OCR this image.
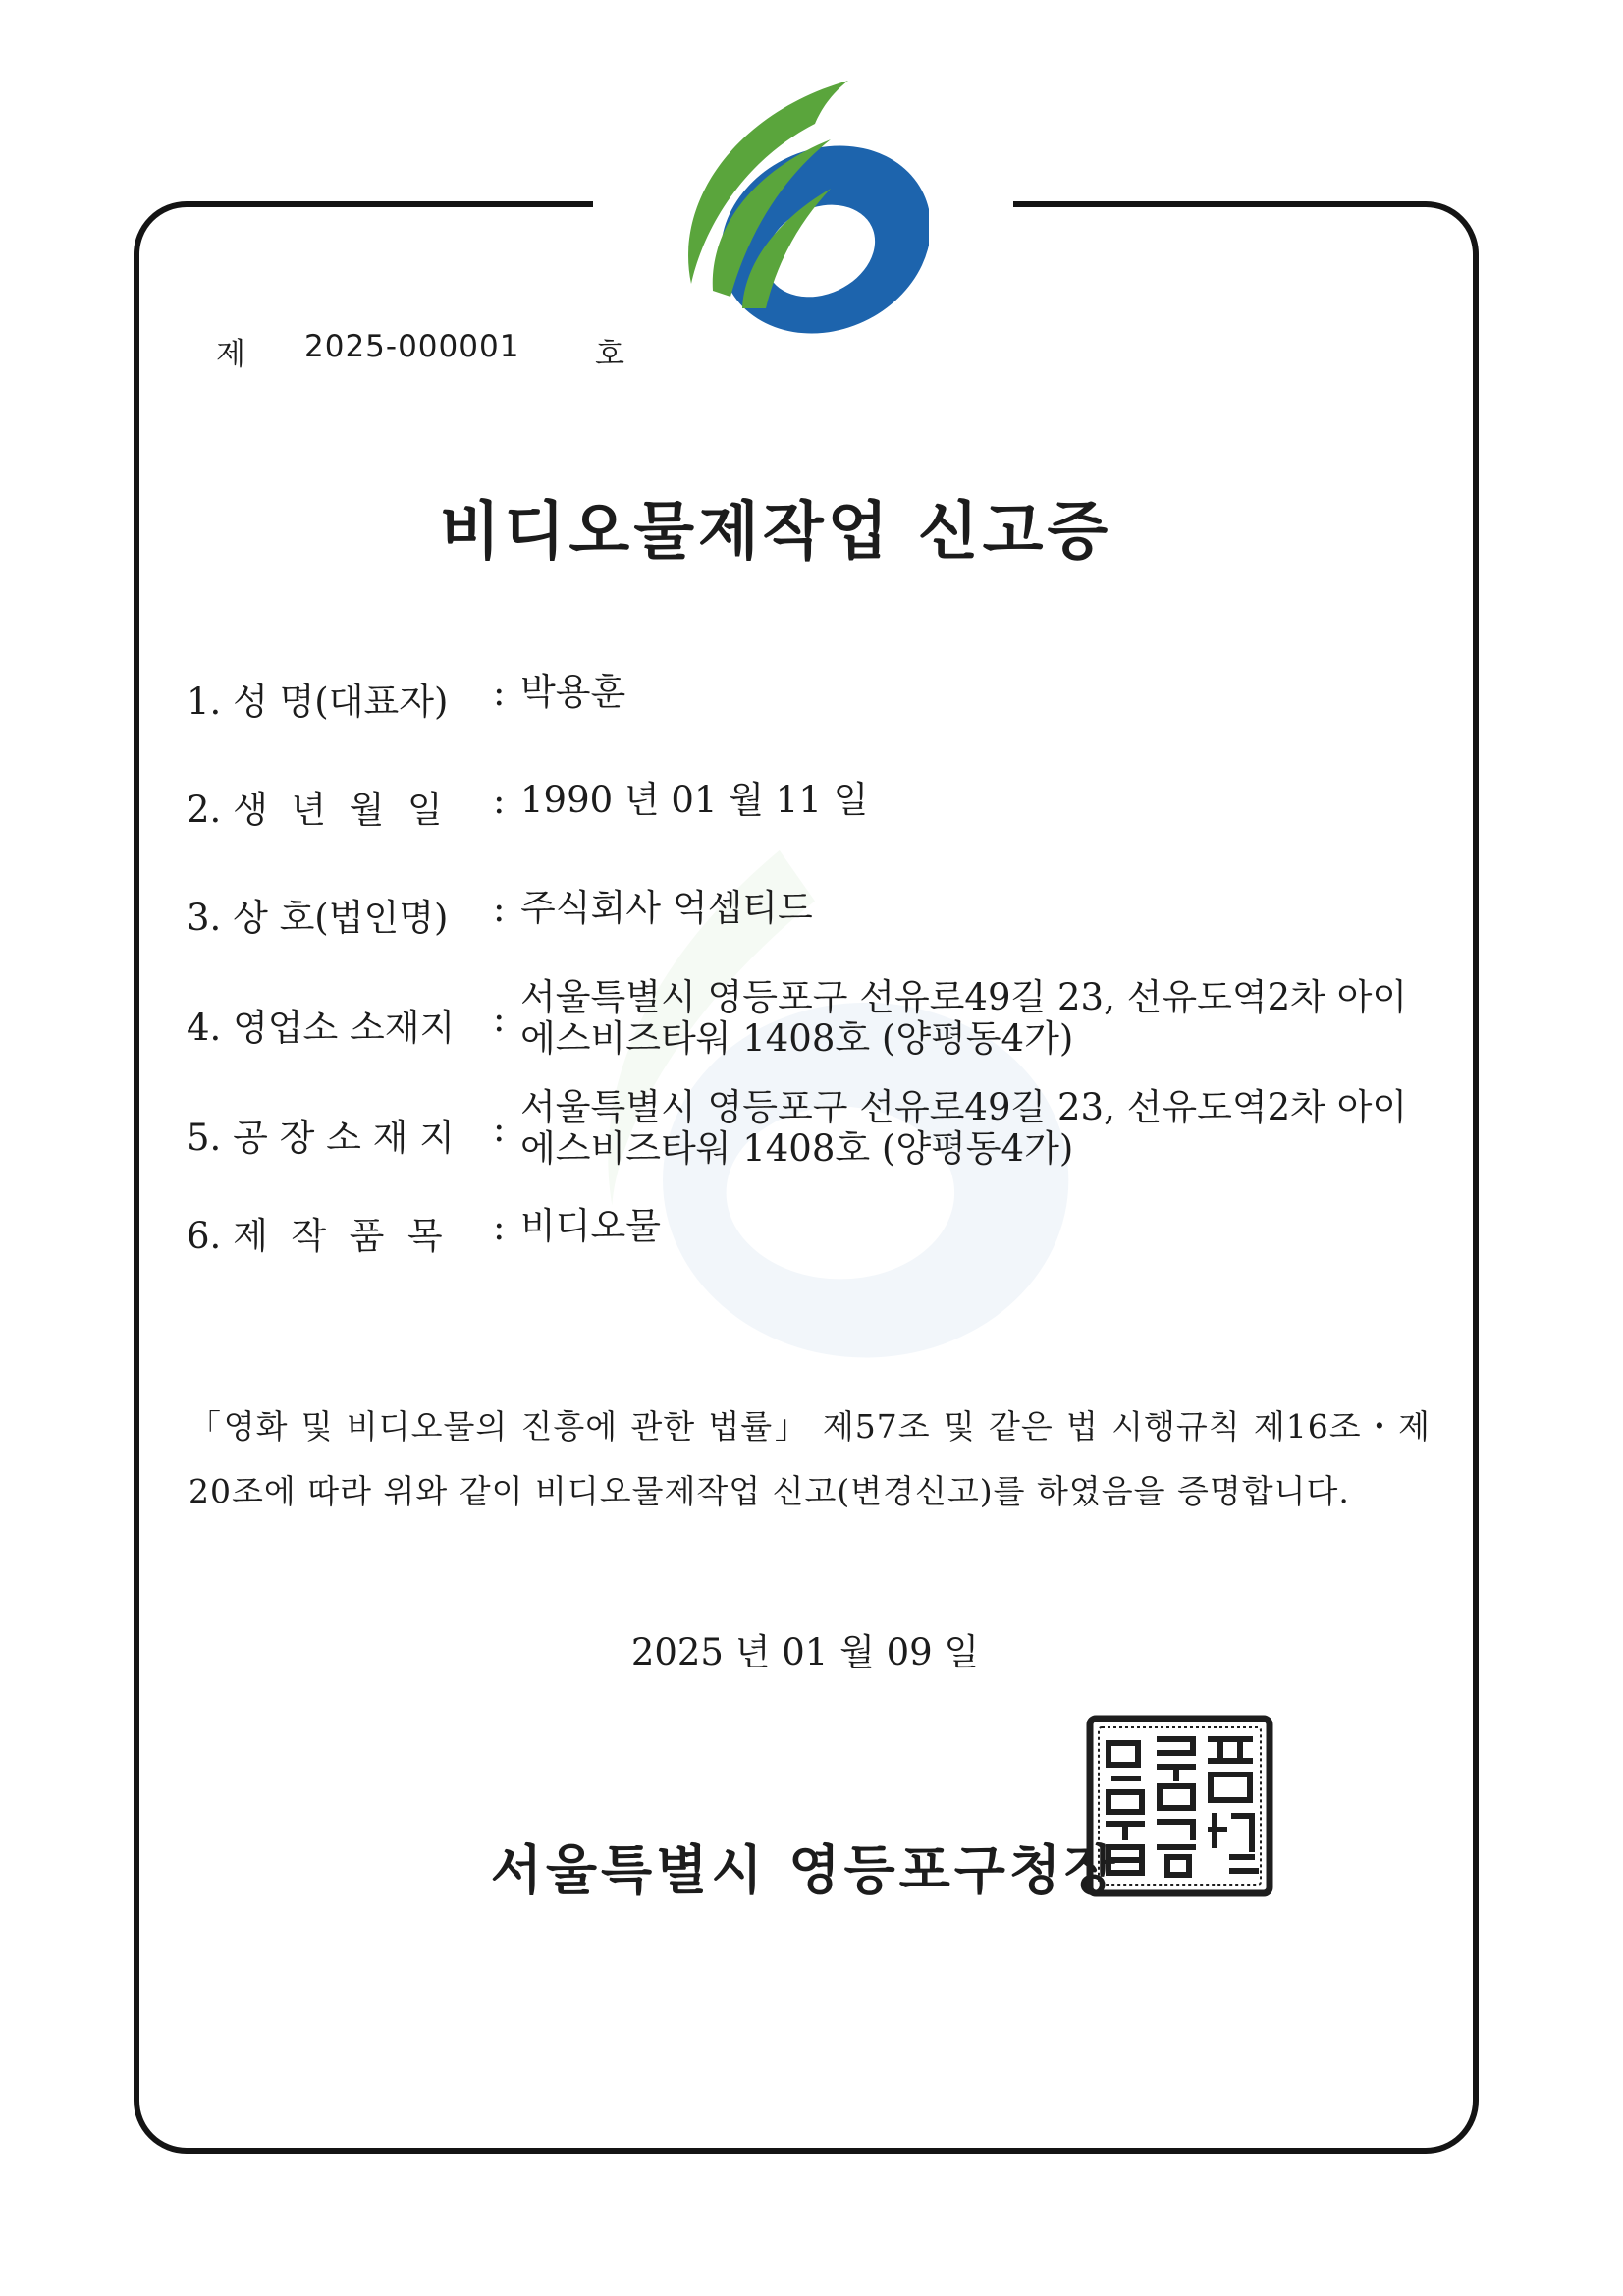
제 2025-000001 호
비디오물제작업 신고증
1. 성 명(대표자) : 박용훈
2. 생  년  월  일 : 1990 년 01 월 11 일
3. 상 호(법인명) : 주식회사 억셉티드
4. 영업소 소재지 :
서울특별시 영등포구 선유로49길 23, 선유도역2차 아이에스비즈타워 1408호 (양평동4가)
5. 공 장 소 재 지 :
서울특별시 영등포구 선유로49길 23, 선유도역2차 아이에스비즈타워 1408호 (양평동4가)
6. 제  작  품  목 : 비디오물
「영화 및 비디오물의 진흥에 관한 법률」 제57조 및 같은 법 시행규칙 제16조・제20조에 따라 위와 같이 비디오물제작업 신고(변경신고)를 하였음을 증명합니다.
2025 년 01 월 09 일
서울특별시 영등포구청장
